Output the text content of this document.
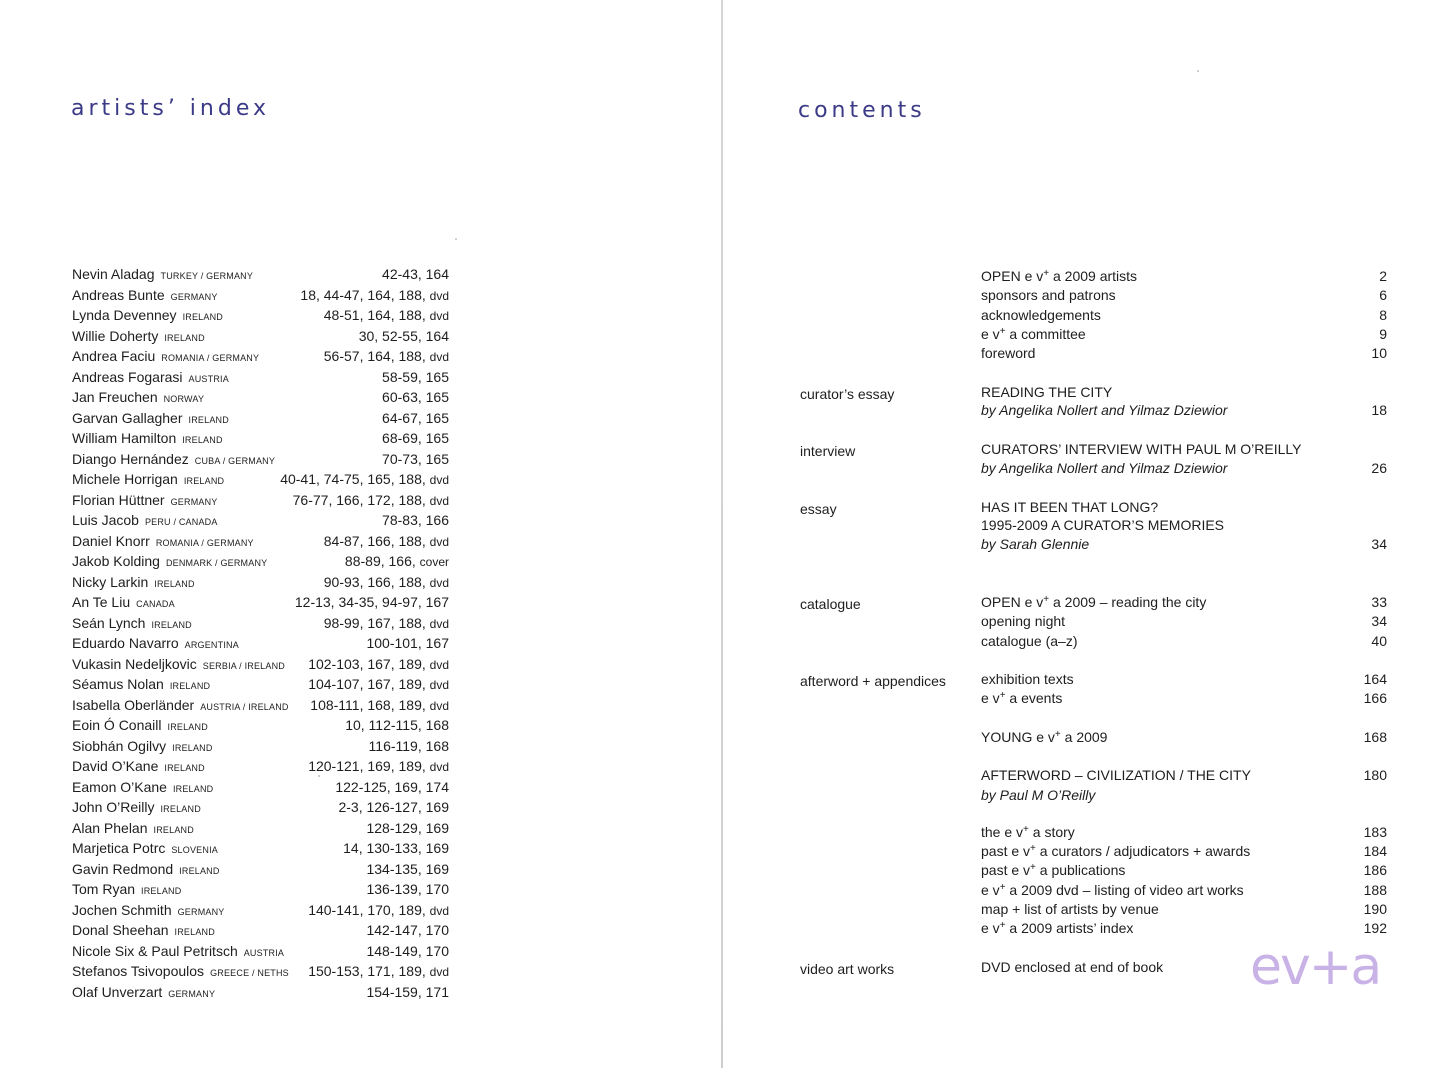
artists’ index
Nevin Aladag TURKEY / GERMANY	42-43, 164
Andreas Bunte GERMANY	18, 44-47, 164, 188, dvd
Lynda Devenney IRELAND	48-51, 164, 188, dvd
Willie Doherty IRELAND	30, 52-55, 164
Andrea Faciu ROMANIA / GERMANY	56-57, 164, 188, dvd
Andreas Fogarasi AUSTRIA	58-59, 165
Jan Freuchen NORWAY	60-63, 165
Garvan Gallagher IRELAND	64-67, 165
William Hamilton IRELAND	68-69, 165
Diango Hernández CUBA / GERMANY	70-73, 165
Michele Horrigan IRELAND	40-41, 74-75, 165, 188, dvd
Florian Hüttner GERMANY	76-77, 166, 172, 188, dvd
Luis Jacob PERU / CANADA	78-83, 166
Daniel Knorr ROMANIA / GERMANY	84-87, 166, 188, dvd
Jakob Kolding DENMARK / GERMANY	88-89, 166, cover
Nicky Larkin IRELAND	90-93, 166, 188, dvd
An Te Liu CANADA	12-13, 34-35, 94-97, 167
Seán Lynch IRELAND	98-99, 167, 188, dvd
Eduardo Navarro ARGENTINA	100-101, 167
Vukasin Nedeljkovic SERBIA / IRELAND 102-103, 167, 189, dvd
Séamus Nolan IRELAND	104-107, 167, 189, dvd
Isabella Oberländer AUSTRIA / IRELAND 108-111, 168, 189, dvd
Eoin Ó Conaill IRELAND	10, 112-115, 168
Siobhán Ogilvy IRELAND	116-119, 168
David O’Kane IRELAND	120-121, 169, 189, dvd
Eamon O’Kane IRELAND	122-125, 169, 174
John O’Reilly IRELAND	2-3, 126-127, 169
Alan Phelan IRELAND	128-129, 169
Marjetica Potrc SLOVENIA	14, 130-133, 169
Gavin Redmond IRELAND	134-135, 169
Tom Ryan IRELAND	136-139, 170
Jochen Schmith GERMANY	140-141, 170, 189, dvd
Donal Sheehan IRELAND	142-147, 170
Nicole Six & Paul Petritsch AUSTRIA	148-149, 170
Stefanos Tsivopoulos GREECE / NETHS 150-153, 171, 189, dvd
Olaf Unverzart GERMANY	154-159, 171
contents
OPEN e v+ a 2009 artists	2
sponsors and patrons	6
acknowledgements	8
e v+ a committee	9
foreword	10
curator’s essay	READING THE CITY
by Angelika Nollert and Yilmaz Dziewior	18
interview	CURATORS’ INTERVIEW WITH PAUL M O’REILLY
by Angelika Nollert and Yilmaz Dziewior	26
essay	HAS IT BEEN THAT LONG?
1995-2009 A CURATOR’S MEMORIES
by Sarah Glennie	34
catalogue	OPEN e v+ a 2009 – reading the city	33
opening night	34
catalogue (a–z)	40
afterword + appendices	exhibition texts	164
e v+ a events	166
YOUNG e v+ a 2009	168
AFTERWORD – CIVILIZATION / THE CITY	180
by Paul M O’Reilly
the e v+ a story	183
past e v+ a curators / adjudicators + awards	184
past e v+ a publications	186
e v+ a 2009 dvd – listing of video art works	188
map + list of artists by venue	190
e v+ a 2009 artists’ index	192
video art works	DVD enclosed at end of book	ev+a
